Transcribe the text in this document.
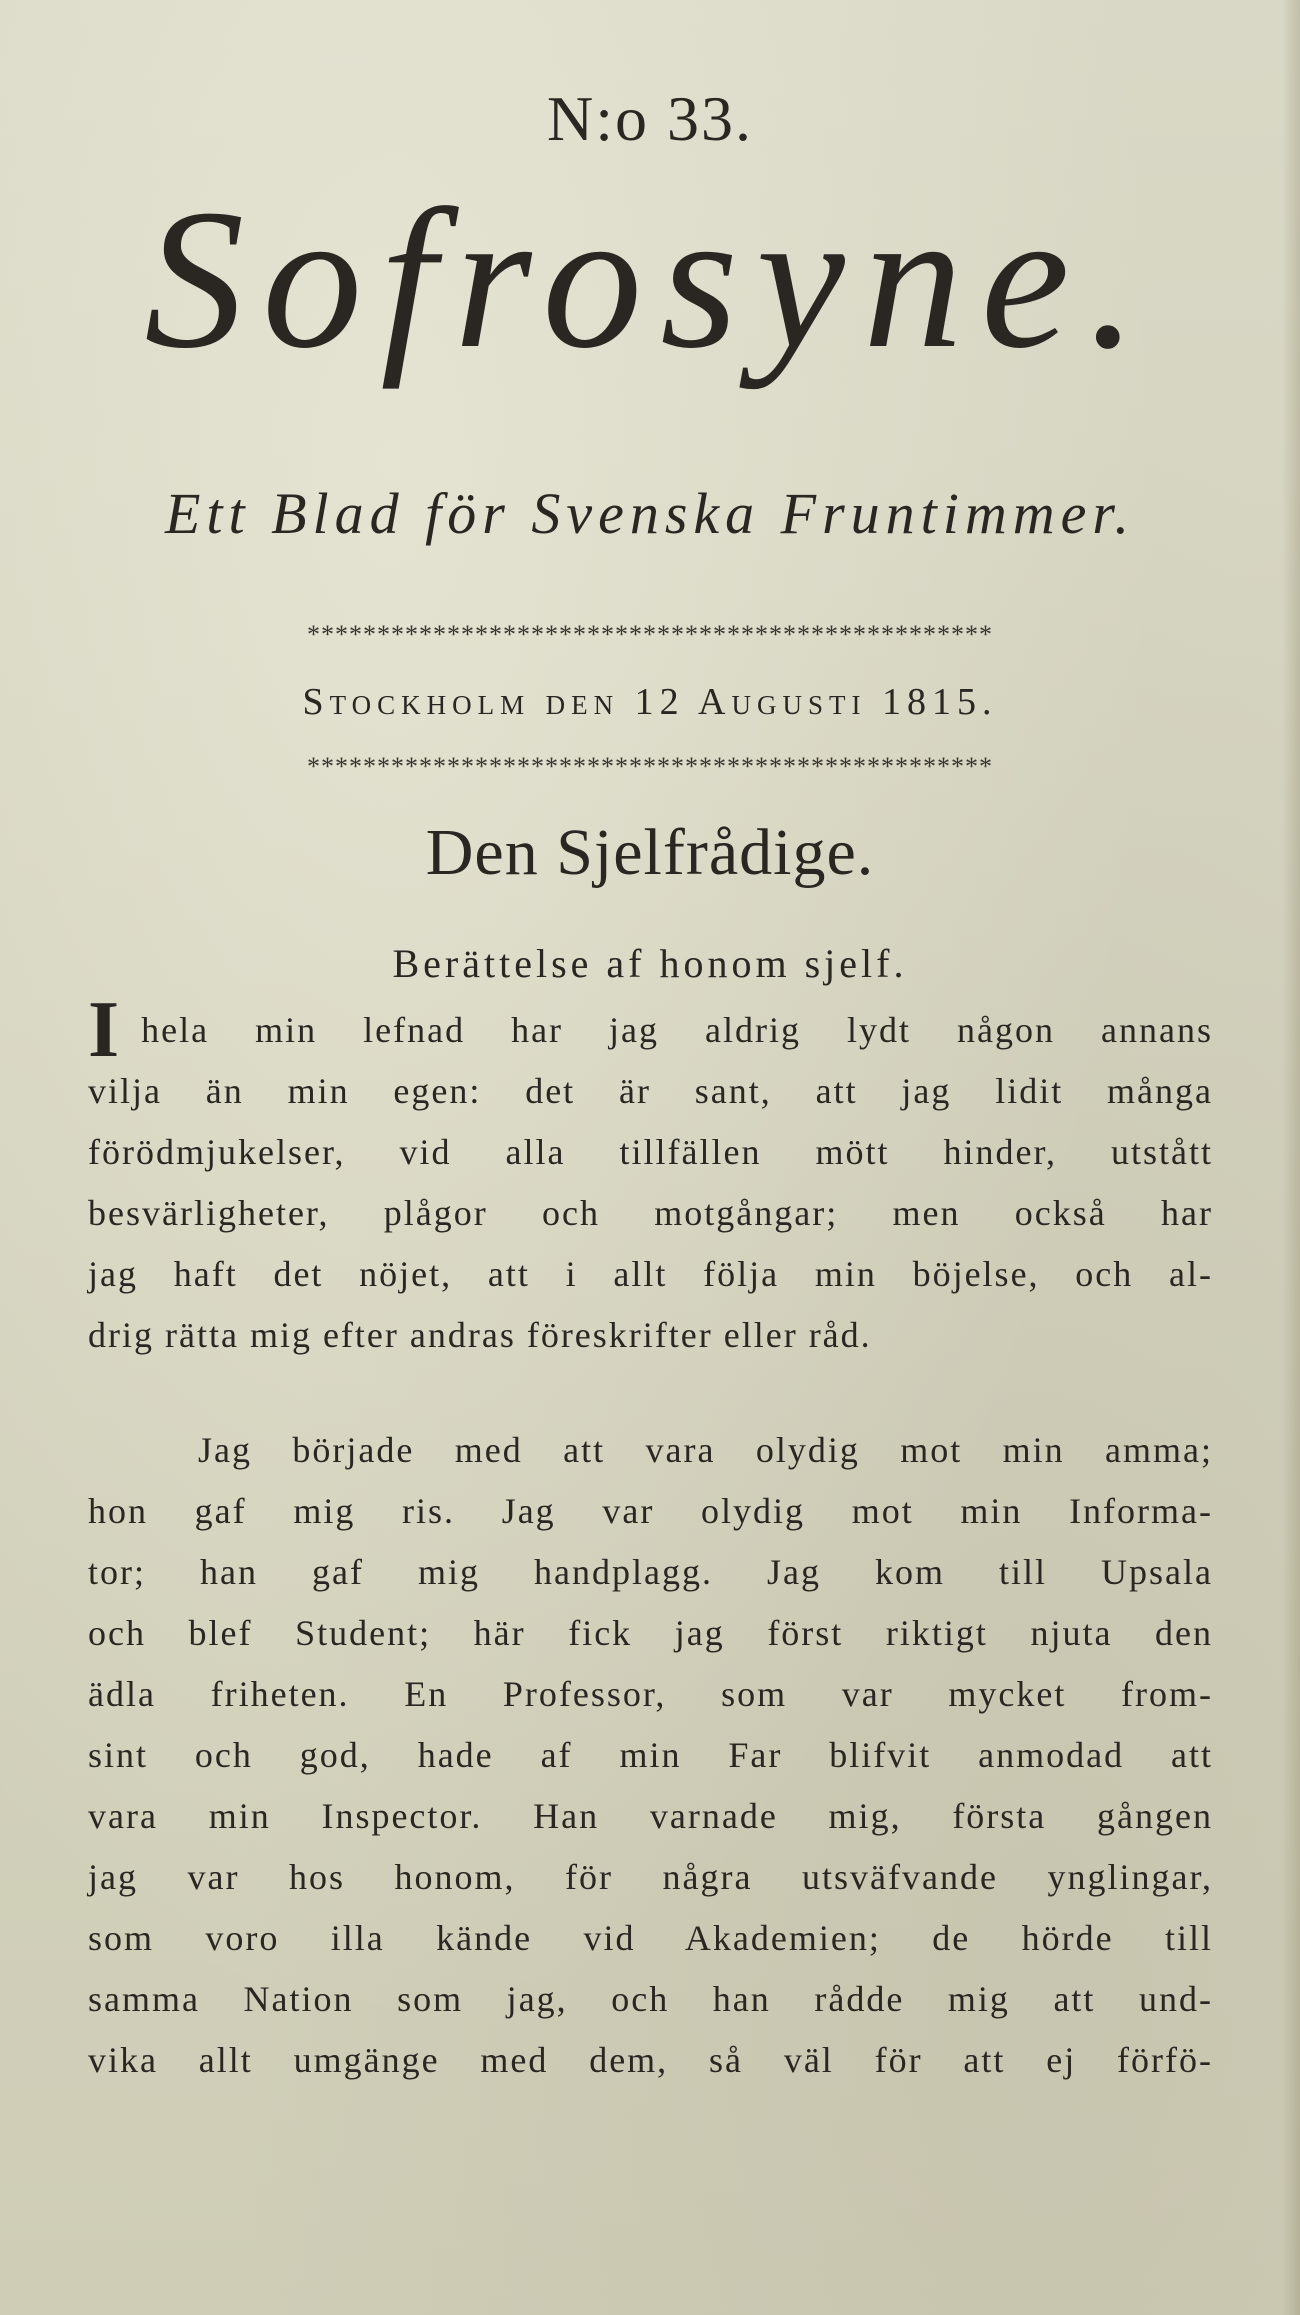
N:o 33.
Sofrosyne.
Ett Blad för Svenska Fruntimmer.
*************************************************
Stockholm den 12 Augusti 1815.
*************************************************
Den Sjelfrådige.
Berättelse af honom sjelf.
I hela min lefnad har jag aldrig lydt någon annans
vilja än min egen: det är sant, att jag lidit många
förödmjukelser, vid alla tillfällen mött hinder, utstått
besvärligheter, plågor och motgångar; men också har
jag haft det nöjet, att i allt följa min böjelse, och al-
drig rätta mig efter andras föreskrifter eller råd.
Jag började med att vara olydig mot min amma;
hon gaf mig ris. Jag var olydig mot min Informa-
tor; han gaf mig handplagg. Jag kom till Upsala
och blef Student; här fick jag först riktigt njuta den
ädla friheten. En Professor, som var mycket from-
sint och god, hade af min Far blifvit anmodad att
vara min Inspector. Han varnade mig, första gången
jag var hos honom, för några utsväfvande ynglingar,
som voro illa kände vid Akademien; de hörde till
samma Nation som jag, och han rådde mig att und-
vika allt umgänge med dem, så väl för att ej förfö-
